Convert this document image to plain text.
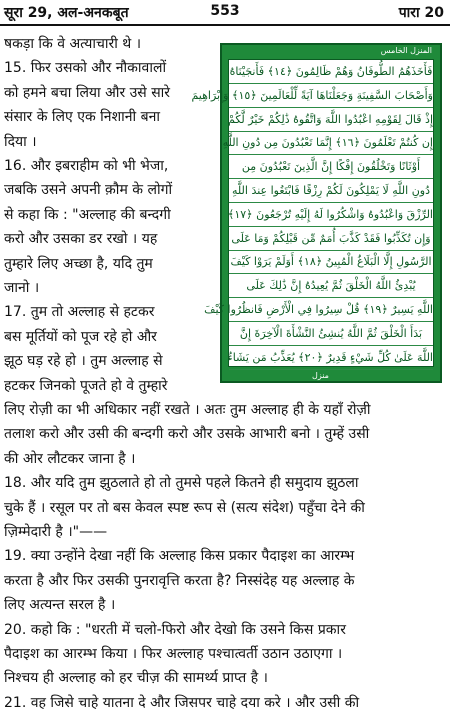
सूरा 29, अल-अनकबूत	553	पारा 20
المنزل الخامس
فَأَخَذَهُمُ الطُّوفَانُ وَهُمْ ظَالِمُونَ ﴿١٤﴾ فَأَنجَيْنَاهُ
وَأَصْحَابَ السَّفِينَةِ وَجَعَلْنَاهَا آيَةً لِّلْعَالَمِينَ ﴿١٥﴾ وَإِبْرَاهِيمَ
إِذْ قَالَ لِقَوْمِهِ اعْبُدُوا اللَّهَ وَاتَّقُوهُ ذَٰلِكُمْ خَيْرٌ لَّكُمْ
إِن كُنتُمْ تَعْلَمُونَ ﴿١٦﴾ إِنَّمَا تَعْبُدُونَ مِن دُونِ اللَّهِ
أَوْثَانًا وَتَخْلُقُونَ إِفْكًا إِنَّ الَّذِينَ تَعْبُدُونَ مِن
دُونِ اللَّهِ لَا يَمْلِكُونَ لَكُمْ رِزْقًا فَابْتَغُوا عِندَ اللَّهِ
الرِّزْقَ وَاعْبُدُوهُ وَاشْكُرُوا لَهُ إِلَيْهِ تُرْجَعُونَ ﴿١٧﴾
وَإِن تُكَذِّبُوا فَقَدْ كَذَّبَ أُمَمٌ مِّن قَبْلِكُمْ وَمَا عَلَى
الرَّسُولِ إِلَّا الْبَلَاغُ الْمُبِينُ ﴿١٨﴾ أَوَلَمْ يَرَوْا كَيْفَ
يُبْدِئُ اللَّهُ الْخَلْقَ ثُمَّ يُعِيدُهُ إِنَّ ذَٰلِكَ عَلَى
اللَّهِ يَسِيرٌ ﴿١٩﴾ قُلْ سِيرُوا فِي الْأَرْضِ فَانظُرُوا كَيْفَ
بَدَأَ الْخَلْقَ ثُمَّ اللَّهُ يُنشِئُ النَّشْأَةَ الْآخِرَةَ إِنَّ
اللَّهَ عَلَىٰ كُلِّ شَيْءٍ قَدِيرٌ ﴿٢٠﴾ يُعَذِّبُ مَن يَشَاءُ
منزل
षकड़ा कि वे अत्याचारी थे ।
15. फिर उसको और नौकावालों
को हमने बचा लिया और उसे सारे
संसार के लिए एक निशानी बना
दिया ।
16. और इबराहीम को भी भेजा,
जबकि उसने अपनी क़ौम के लोगों
से कहा कि : "अल्लाह की बन्दगी
करो और उसका डर रखो । यह
तुम्हारे लिए अच्छा है, यदि तुम
जानो ।
17. तुम तो अल्लाह से हटकर
बस मूर्तियों को पूज रहे हो और
झूठ घड़ रहे हो । तुम अल्लाह से
हटकर जिनको पूजते हो वे तुम्हारे
लिए रोज़ी का भी अधिकार नहीं रखते । अतः तुम अल्लाह ही के यहाँ रोज़ी
तलाश करो और उसी की बन्दगी करो और उसके आभारी बनो । तुम्हें उसी
की ओर लौटकर जाना है ।
18. और यदि तुम झुठलाते हो तो तुमसे पहले कितने ही समुदाय झुठला
चुके हैं । रसूल पर तो बस केवल स्पष्ट रूप से (सत्य संदेश) पहुँचा देने की
ज़िम्मेदारी है ।"——
19. क्या उन्होंने देखा नहीं कि अल्लाह किस प्रकार पैदाइश का आरम्भ
करता है और फिर उसकी पुनरावृत्ति करता है? निस्संदेह यह अल्लाह के
लिए अत्यन्त सरल है ।
20. कहो कि : "धरती में चलो-फिरो और देखो कि उसने किस प्रकार
पैदाइश का आरम्भ किया । फिर अल्लाह पश्चात्वर्ती उठान उठाएगा ।
निश्चय ही अल्लाह को हर चीज़ की सामर्थ्य प्राप्त है ।
21. वह जिसे चाहे यातना दे और जिसपर चाहे दया करे । और उसी की
